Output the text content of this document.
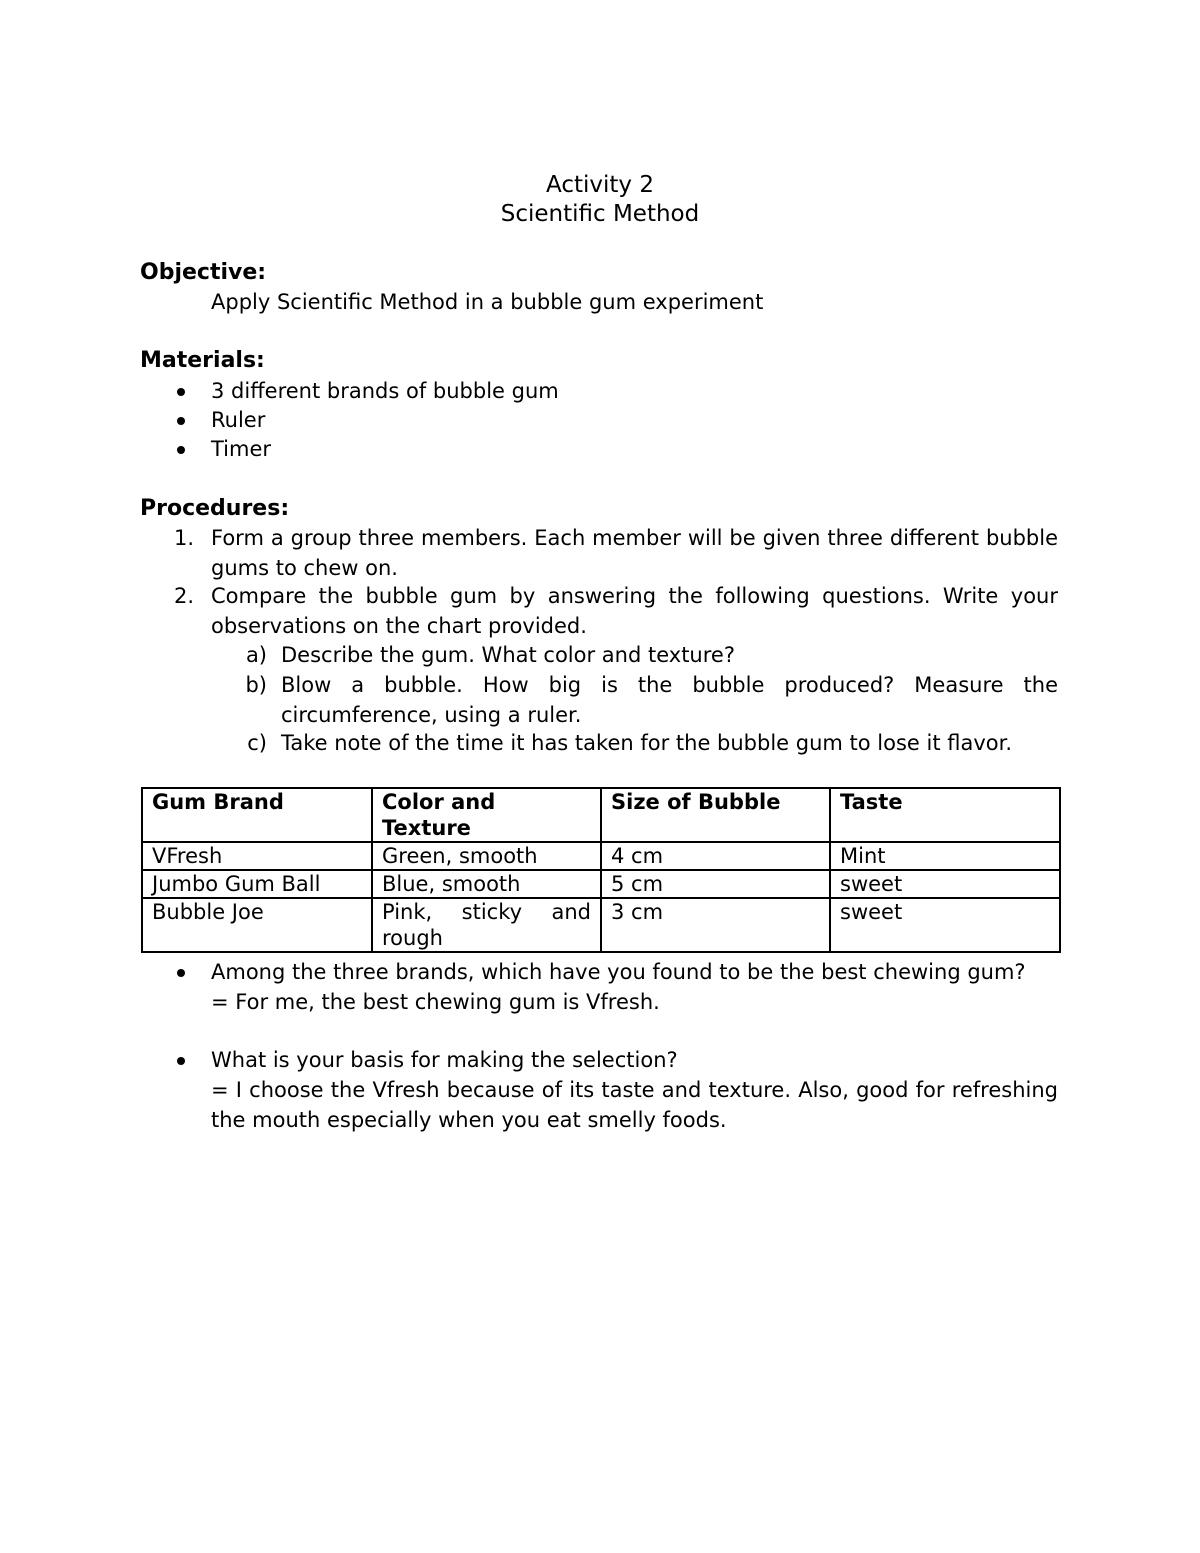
Activity 2
Scientific Method
Objective:
Apply Scientific Method in a bubble gum experiment
Materials:
3 different brands of bubble gum
Ruler
Timer
Procedures:
1. Form a group three members. Each member will be given three different bubble gums to chew on.
2. Compare the bubble gum by answering the following questions. Write your observations on the chart provided.
a) Describe the gum. What color and texture?
b) Blow a bubble. How big is the bubble produced? Measure the circumference, using a ruler.
c) Take note of the time it has taken for the bubble gum to lose it flavor.
Gum Brand	Color and Texture	Size of Bubble	Taste
VFresh	Green, smooth	4 cm	Mint
Jumbo Gum Ball	Blue, smooth	5 cm	sweet
Bubble Joe	Pink, sticky and rough	3 cm	sweet
Among the three brands, which have you found to be the best chewing gum?
= For me, the best chewing gum is Vfresh.
What is your basis for making the selection?
= I choose the Vfresh because of its taste and texture. Also, good for refreshing the mouth especially when you eat smelly foods.
